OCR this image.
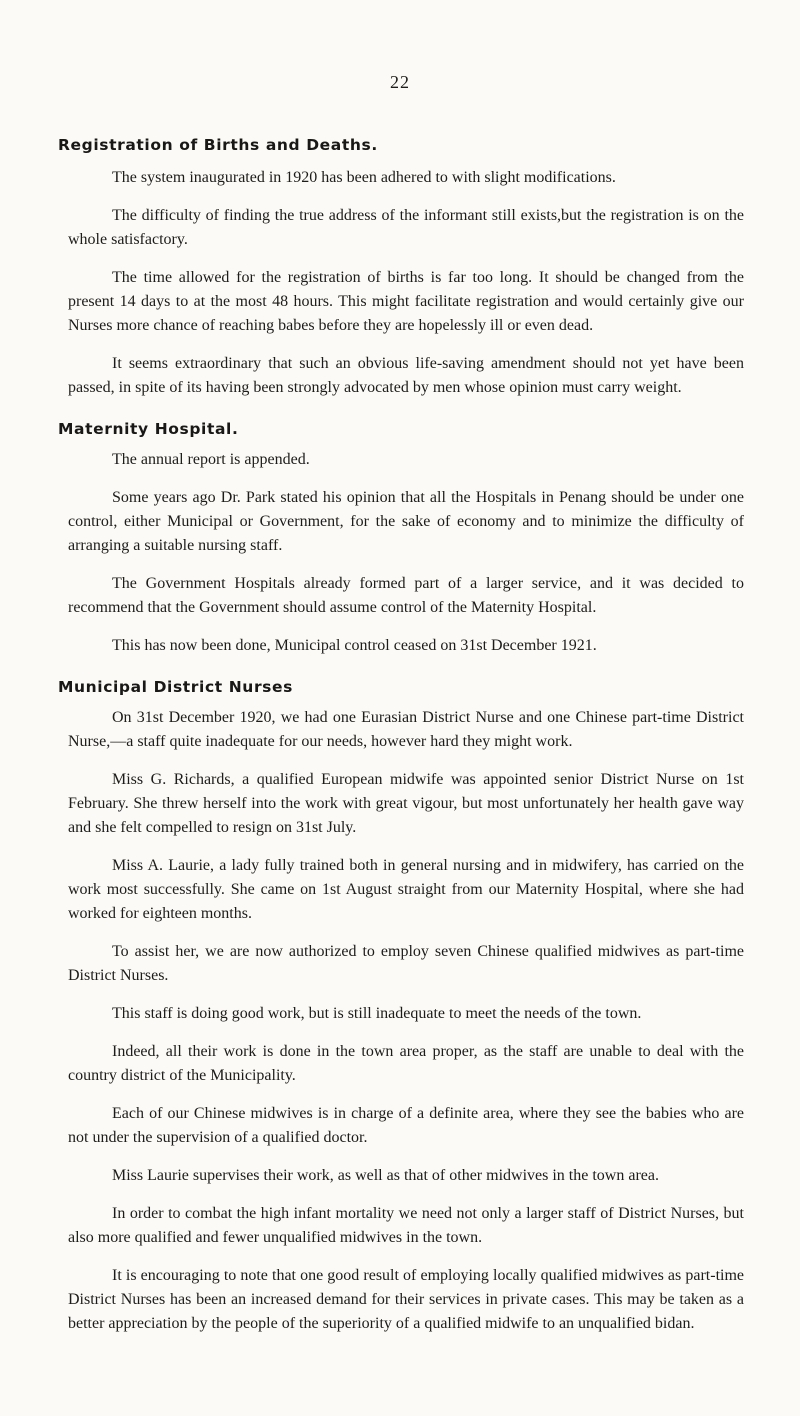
22
Registration of Births and Deaths.

The system inaugurated in 1920 has been adhered to with slight modifications.

The difficulty of finding the true address of the informant still exists,but the registration is on the whole satisfactory.

The time allowed for the registration of births is far too long. It should be changed from the present 14 days to at the most 48 hours. This might facilitate registration and would certainly give our Nurses more chance of reaching babes before they are hopelessly ill or even dead.

It seems extraordinary that such an obvious life-saving amendment should not yet have been passed, in spite of its having been strongly advocated by men whose opinion must carry weight.

Maternity Hospital.

The annual report is appended.

Some years ago Dr. Park stated his opinion that all the Hospitals in Penang should be under one control, either Municipal or Government, for the sake of economy and to minimize the difficulty of arranging a suitable nursing staff.

The Government Hospitals already formed part of a larger service, and it was decided to recommend that the Government should assume control of the Maternity Hospital.

This has now been done, Municipal control ceased on 31st December 1921.

Municipal District Nurses

On 31st December 1920, we had one Eurasian District Nurse and one Chinese part-time District Nurse,—a staff quite inadequate for our needs, however hard they might work.

Miss G. Richards, a qualified European midwife was appointed senior District Nurse on 1st February. She threw herself into the work with great vigour, but most unfortunately her health gave way and she felt compelled to resign on 31st July.

Miss A. Laurie, a lady fully trained both in general nursing and in midwifery, has carried on the work most successfully. She came on 1st August straight from our Maternity Hospital, where she had worked for eighteen months.

To assist her, we are now authorized to employ seven Chinese qualified midwives as part-time District Nurses.

This staff is doing good work, but is still inadequate to meet the needs of the town.

Indeed, all their work is done in the town area proper, as the staff are unable to deal with the country district of the Municipality.

Each of our Chinese midwives is in charge of a definite area, where they see the babies who are not under the supervision of a qualified doctor.

Miss Laurie supervises their work, as well as that of other midwives in the town area.

In order to combat the high infant mortality we need not only a larger staff of District Nurses, but also more qualified and fewer unqualified midwives in the town.

It is encouraging to note that one good result of employing locally qualified midwives as part-time District Nurses has been an increased demand for their services in private cases. This may be taken as a better appreciation by the people of the superiority of a qualified midwife to an unqualified bidan.
